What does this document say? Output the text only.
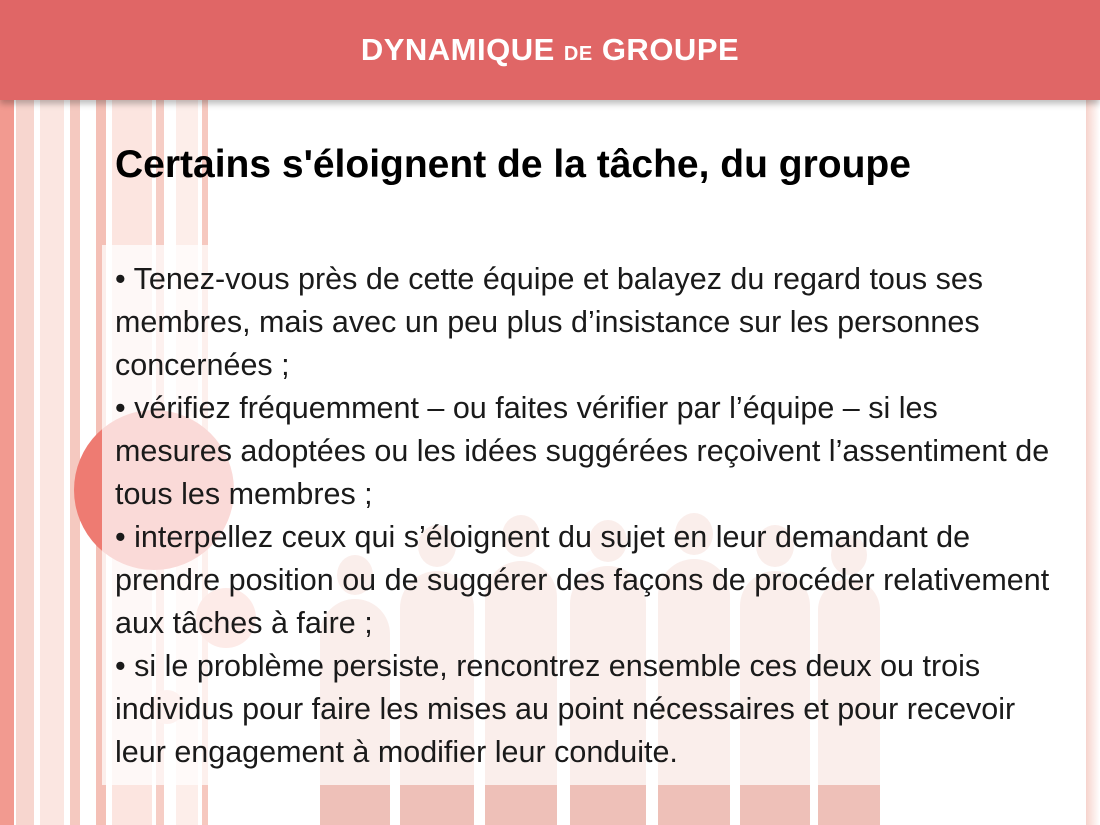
DYNAMIQUE DE GROUPE
Certains s'éloignent de la tâche, du groupe

• Tenez-vous près de cette équipe et balayez du regard tous ses membres, mais avec un peu plus d’insistance sur les personnes concernées ;

• vérifiez fréquemment – ou faites vérifier par l’équipe – si les mesures adoptées ou les idées suggérées reçoivent l’assentiment de tous les membres ;

• interpellez ceux qui s’éloignent du sujet en leur demandant de prendre position ou de suggérer des façons de procéder relativement aux tâches à faire ;

• si le problème persiste, rencontrez ensemble ces deux ou trois individus pour faire les mises au point nécessaires et pour recevoir leur engagement à modifier leur conduite.
